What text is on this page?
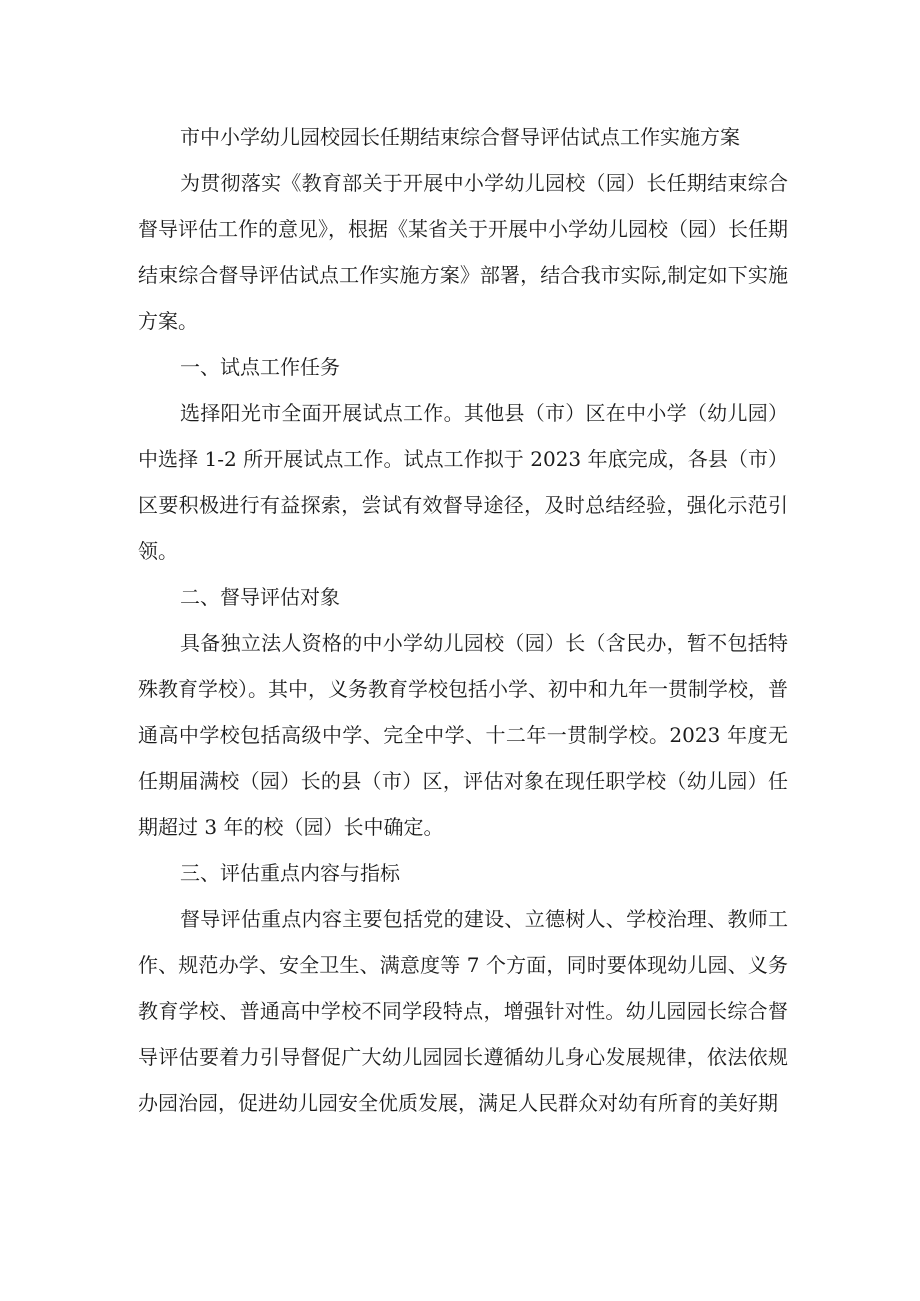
市中小学幼儿园校园长任期结束综合督导评估试点工作实施方案

为贯彻落实《教育部关于开展中小学幼儿园校（园）长任期结束综合督导评估工作的意见》，根据《某省关于开展中小学幼儿园校（园）长任期结束综合督导评估试点工作实施方案》部署，结合我市实际,制定如下实施方案。

一、试点工作任务

选择阳光市全面开展试点工作。其他县（市）区在中小学（幼儿园）中选择 1-2 所开展试点工作。试点工作拟于 2023 年底完成，各县（市）区要积极进行有益探索，尝试有效督导途径，及时总结经验，强化示范引领。

二、督导评估对象

具备独立法人资格的中小学幼儿园校（园）长（含民办，暂不包括特殊教育学校）。其中，义务教育学校包括小学、初中和九年一贯制学校，普通高中学校包括高级中学、完全中学、十二年一贯制学校。2023 年度无任期届满校（园）长的县（市）区，评估对象在现任职学校（幼儿园）任期超过 3 年的校（园）长中确定。

三、评估重点内容与指标

督导评估重点内容主要包括党的建设、立德树人、学校治理、教师工作、规范办学、安全卫生、满意度等 7 个方面，同时要体现幼儿园、义务教育学校、普通高中学校不同学段特点，增强针对性。幼儿园园长综合督导评估要着力引导督促广大幼儿园园长遵循幼儿身心发展规律，依法依规办园治园，促进幼儿园安全优质发展，满足人民群众对幼有所育的美好期
